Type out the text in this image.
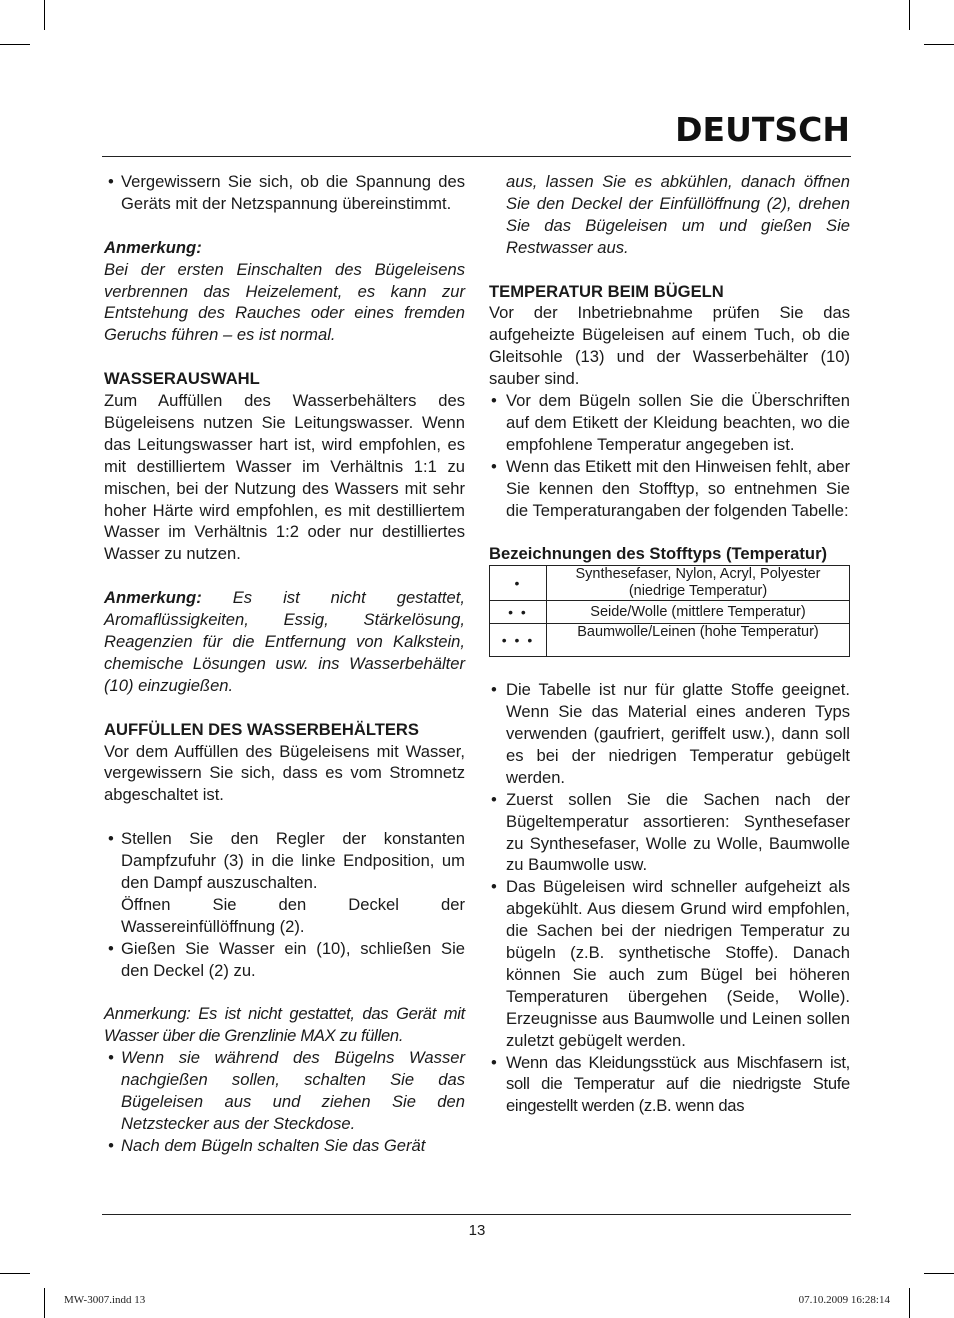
DEUTSCH

• Vergewissern Sie sich, ob die Spannung des Geräts mit der Netzspannung übereinstimmt.

Anmerkung:

Bei der ersten Einschalten des Bügeleisens verbrennen das Heizelement, es kann zur Entstehung des Rauches oder eines fremden Geruchs führen – es ist normal.

WASSERAUSWAHL

Zum Auffüllen des Wasserbehälters des Bügeleisens nutzen Sie Leitungswasser. Wenn das Leitungswasser hart ist, wird empfohlen, es mit destilliertem Wasser im Verhältnis 1:1 zu mischen, bei der Nutzung des Wassers mit sehr hoher Härte wird empfohlen, es mit destilliertem Wasser im Verhältnis 1:2 oder nur destilliertes Wasser zu nutzen.

Anmerkung: Es ist nicht gestattet, Aromaflüssigkeiten, Essig, Stärkelösung, Reagenzien für die Entfernung von Kalkstein, chemische Lösungen usw. ins Wasserbehälter (10) einzugießen.

AUFFÜLLEN DES WASSERBEHÄLTERS

Vor dem Auffüllen des Bügeleisens mit Wasser, vergewissern Sie sich, dass es vom Stromnetz abgeschaltet ist.

• Stellen Sie den Regler der konstanten Dampfzufuhr (3) in die linke Endposition, um den Dampf auszuschalten.
Öffnen Sie den Deckel der Wassereinfüllöffnung (2).

• Gießen Sie Wasser ein (10), schließen Sie den Deckel (2) zu.

Anmerkung: Es ist nicht gestattet, das Gerät mit Wasser über die Grenzlinie MAX zu füllen.

• Wenn sie während des Bügelns Wasser nachgießen sollen, schalten Sie das Bügeleisen aus und ziehen Sie den Netzstecker aus der Steckdose.

• Nach dem Bügeln schalten Sie das Gerät

aus, lassen Sie es abkühlen, danach öffnen Sie den Deckel der Einfüllöffnung (2), drehen Sie das Bügeleisen um und gießen Sie Restwasser aus.

TEMPERATUR BEIM BÜGELN

Vor der Inbetriebnahme prüfen Sie das aufgeheizte Bügeleisen auf einem Tuch, ob die Gleitsohle (13) und der Wasserbehälter (10) sauber sind.

• Vor dem Bügeln sollen Sie die Überschriften auf dem Etikett der Kleidung beachten, wo die empfohlene Temperatur angegeben ist.

• Wenn das Etikett mit den Hinweisen fehlt, aber Sie kennen den Stofftyp, so entnehmen Sie die Temperaturangaben der folgenden Tabelle:

Bezeichnungen des Stofftyps (Temperatur)

•	Synthesefaser, Nylon, Acryl, Polyester (niedrige Temperatur)
• •	Seide/Wolle (mittlere Temperatur)
• • •	Baumwolle/Leinen (hohe Temperatur)

• Die Tabelle ist nur für glatte Stoffe geeignet. Wenn Sie das Material eines anderen Typs verwenden (gaufriert, geriffelt usw.), dann soll es bei der niedrigen Temperatur gebügelt werden.

• Zuerst sollen Sie die Sachen nach der Bügeltemperatur assortieren: Synthesefaser zu Synthesefaser, Wolle zu Wolle, Baumwolle zu Baumwolle usw.

• Das Bügeleisen wird schneller aufgeheizt als abgekühlt. Aus diesem Grund wird empfohlen, die Sachen bei der niedrigen Temperatur zu bügeln (z.B. synthetische Stoffe). Danach können Sie auch zum Bügel bei höheren Temperaturen übergehen (Seide, Wolle). Erzeugnisse aus Baumwolle und Leinen sollen zuletzt gebügelt werden.

• Wenn das Kleidungsstück aus Mischfasern ist, soll die Temperatur auf die niedrigste Stufe eingestellt werden (z.B. wenn das

13
MW-3007.indd 13	07.10.2009 16:28:14
